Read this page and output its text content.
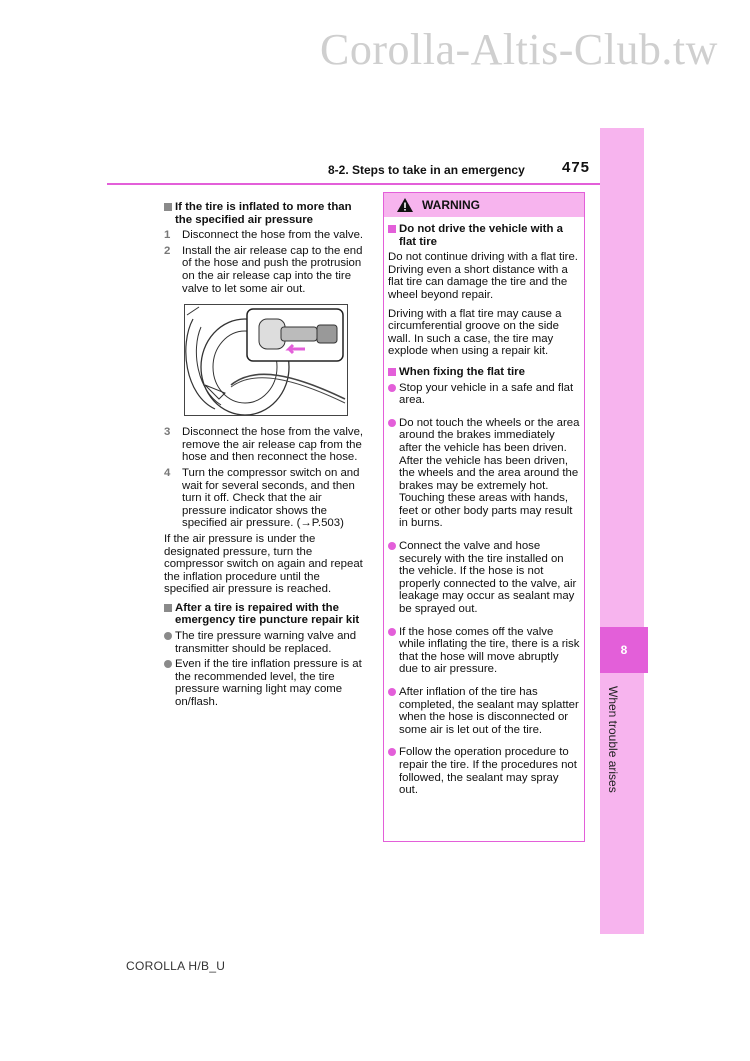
Corolla-Altis-Club.tw
8
When trouble arises
8-2. Steps to take in an emergency 475
If the tire is inflated to more than the specified air pressure
1	Disconnect the hose from the valve.
2	Install the air release cap to the end of the hose and push the protrusion on the air release cap into the tire valve to let some air out.
3	Disconnect the hose from the valve, remove the air release cap from the hose and then reconnect the hose.
4	Turn the compressor switch on and wait for several seconds, and then turn it off. Check that the air pressure indicator shows the specified air pressure. (→P.503)
If the air pressure is under the designated pressure, turn the compressor switch on again and repeat the inflation procedure until the specified air pressure is reached.
After a tire is repaired with the emergency tire puncture repair kit
The tire pressure warning valve and transmitter should be replaced.
Even if the tire inflation pressure is at the recommended level, the tire pressure warning light may come on/flash.
WARNING
Do not drive the vehicle with a flat tire
Do not continue driving with a flat tire.
Driving even a short distance with a flat tire can damage the tire and the wheel beyond repair.
Driving with a flat tire may cause a circumferential groove on the side wall. In such a case, the tire may explode when using a repair kit.
When fixing the flat tire
Stop your vehicle in a safe and flat area.
Do not touch the wheels or the area around the brakes immediately after the vehicle has been driven.
After the vehicle has been driven, the wheels and the area around the brakes may be extremely hot. Touching these areas with hands, feet or other body parts may result in burns.
Connect the valve and hose securely with the tire installed on the vehicle. If the hose is not properly connected to the valve, air leakage may occur as sealant may be sprayed out.
If the hose comes off the valve while inflating the tire, there is a risk that the hose will move abruptly due to air pressure.
After inflation of the tire has completed, the sealant may splatter when the hose is disconnected or some air is let out of the tire.
Follow the operation procedure to repair the tire. If the procedures not followed, the sealant may spray out.
COROLLA H/B_U
